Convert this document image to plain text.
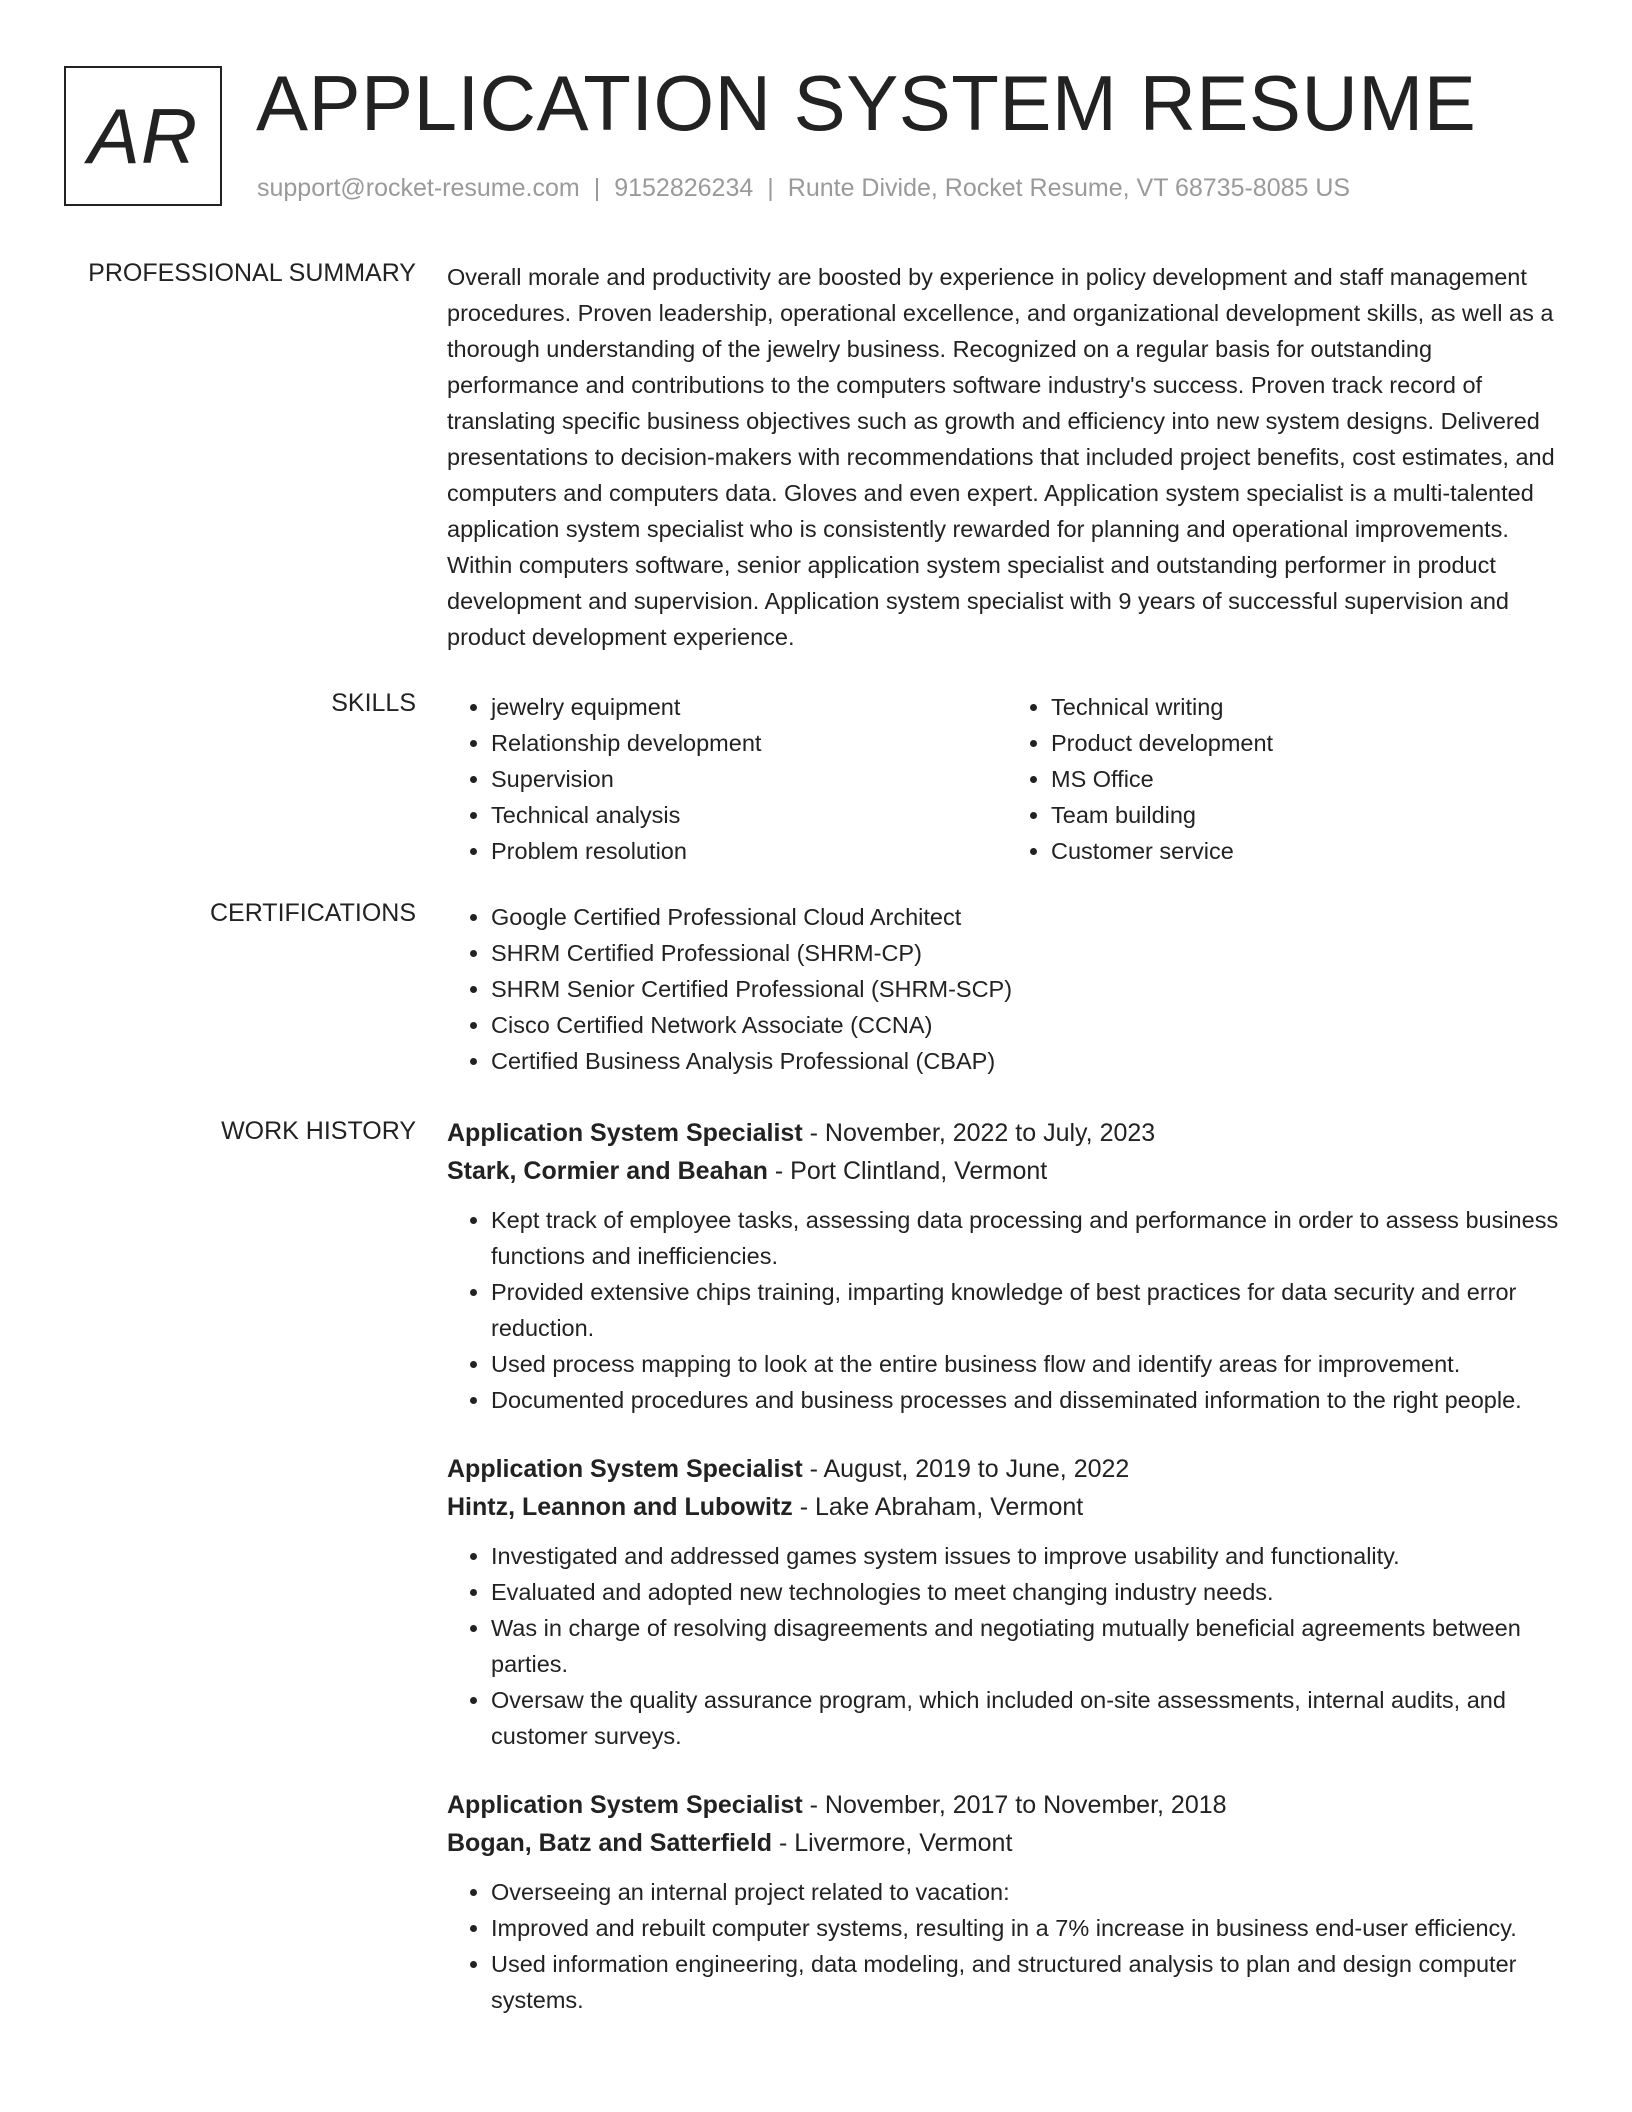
AR APPLICATION SYSTEM RESUME
support@rocket-resume.com | 9152826234 | Runte Divide, Rocket Resume, VT 68735-8085 US
PROFESSIONAL SUMMARY Overall morale and productivity are boosted by experience in policy development and staff management procedures. Proven leadership, operational excellence, and organizational development skills, as well as a thorough understanding of the jewelry business. Recognized on a regular basis for outstanding performance and contributions to the computers software industry's success. Proven track record of translating specific business objectives such as growth and efficiency into new system designs. Delivered presentations to decision-makers with recommendations that included project benefits, cost estimates, and computers and computers data. Gloves and even expert. Application system specialist is a multi-talented application system specialist who is consistently rewarded for planning and operational improvements. Within computers software, senior application system specialist and outstanding performer in product development and supervision. Application system specialist with 9 years of successful supervision and product development experience.

SKILLS	• jewelry equipment
• Relationship development
• Supervision
• Technical analysis
• Problem resolution
• Technical writing
• Product development
• MS Office
• Team building
• Customer service
CERTIFICATIONS	• Google Certified Professional Cloud Architect
• SHRM Certified Professional (SHRM-CP)
• SHRM Senior Certified Professional (SHRM-SCP)
• Cisco Certified Network Associate (CCNA)
• Certified Business Analysis Professional (CBAP)
WORK HISTORY Application System Specialist - November, 2022 to July, 2023
Stark, Cormier and Beahan - Port Clintland, Vermont
• Kept track of employee tasks, assessing data processing and performance in order to assess business functions and inefficiencies.
• Provided extensive chips training, imparting knowledge of best practices for data security and error reduction.
• Used process mapping to look at the entire business flow and identify areas for improvement.
• Documented procedures and business processes and disseminated information to the right people.
Application System Specialist - August, 2019 to June, 2022
Hintz, Leannon and Lubowitz - Lake Abraham, Vermont
• Investigated and addressed games system issues to improve usability and functionality.
• Evaluated and adopted new technologies to meet changing industry needs.
• Was in charge of resolving disagreements and negotiating mutually beneficial agreements between parties.
• Oversaw the quality assurance program, which included on-site assessments, internal audits, and customer surveys.
Application System Specialist - November, 2017 to November, 2018
Bogan, Batz and Satterfield - Livermore, Vermont
• Overseeing an internal project related to vacation:
• Improved and rebuilt computer systems, resulting in a 7% increase in business end-user efficiency.
• Used information engineering, data modeling, and structured analysis to plan and design computer systems.
